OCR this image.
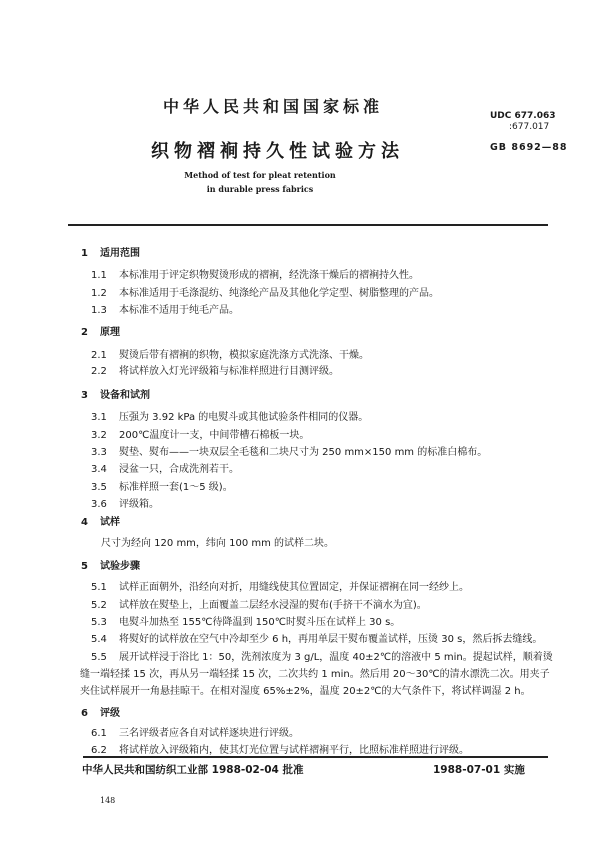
中华人民共和国国家标准	UDC 677.063
:677.017
织物褶裥持久性试验方法	GB 8692—88
Method of test for pleat retention
in durable press fabrics
1 适用范围
1.1 本标准用于评定织物熨烫形成的褶裥，经洗涤干燥后的褶裥持久性。
1.2 本标准适用于毛涤混纺、纯涤纶产品及其他化学定型、树脂整理的产品。
1.3 本标准不适用于纯毛产品。
2 原理
2.1 熨烫后带有褶裥的织物，模拟家庭洗涤方式洗涤、干燥。
2.2 将试样放入灯光评级箱与标准样照进行目测评级。
3 设备和试剂
3.1 压强为 3.92 kPa 的电熨斗或其他试验条件相同的仪器。
3.2 200℃温度计一支，中间带槽石棉板一块。
3.3 熨垫、熨布——一块双层全毛毯和二块尺寸为 250 mm×150 mm 的标准白棉布。
3.4 浸盆一只，合成洗剂若干。
3.5 标准样照一套(1～5 级)。
3.6 评级箱。
4 试样
尺寸为经向 120 mm，纬向 100 mm 的试样二块。
5 试验步骤
5.1 试样正面朝外，沿经向对折，用缝线使其位置固定，并保证褶裥在同一经纱上。
5.2 试样放在熨垫上，上面覆盖二层经水浸湿的熨布(手挤干不滴水为宜)。
5.3 电熨斗加热至 155℃待降温到 150℃时熨斗压在试样上 30 s。
5.4 将熨好的试样放在空气中冷却至少 6 h，再用单层干熨布覆盖试样，压烫 30 s，然后拆去缝线。
5.5 展开试样浸于浴比 1：50，洗剂浓度为 3 g/L，温度 40±2℃的溶液中 5 min。提起试样，顺着烫
缝一端轻揉 15 次，再从另一端轻揉 15 次，二次共约 1 min。然后用 20～30℃的清水漂洗二次。用夹子
夹住试样展开一角悬挂晾干。在相对湿度 65%±2%，温度 20±2℃的大气条件下，将试样调湿 2 h。
6 评级
6.1 三名评级者应各自对试样逐块进行评级。
6.2 将试样放入评级箱内，使其灯光位置与试样褶裥平行，比照标准样照进行评级。
中华人民共和国纺织工业部 1988-02-04 批准	1988-07-01 实施
148
